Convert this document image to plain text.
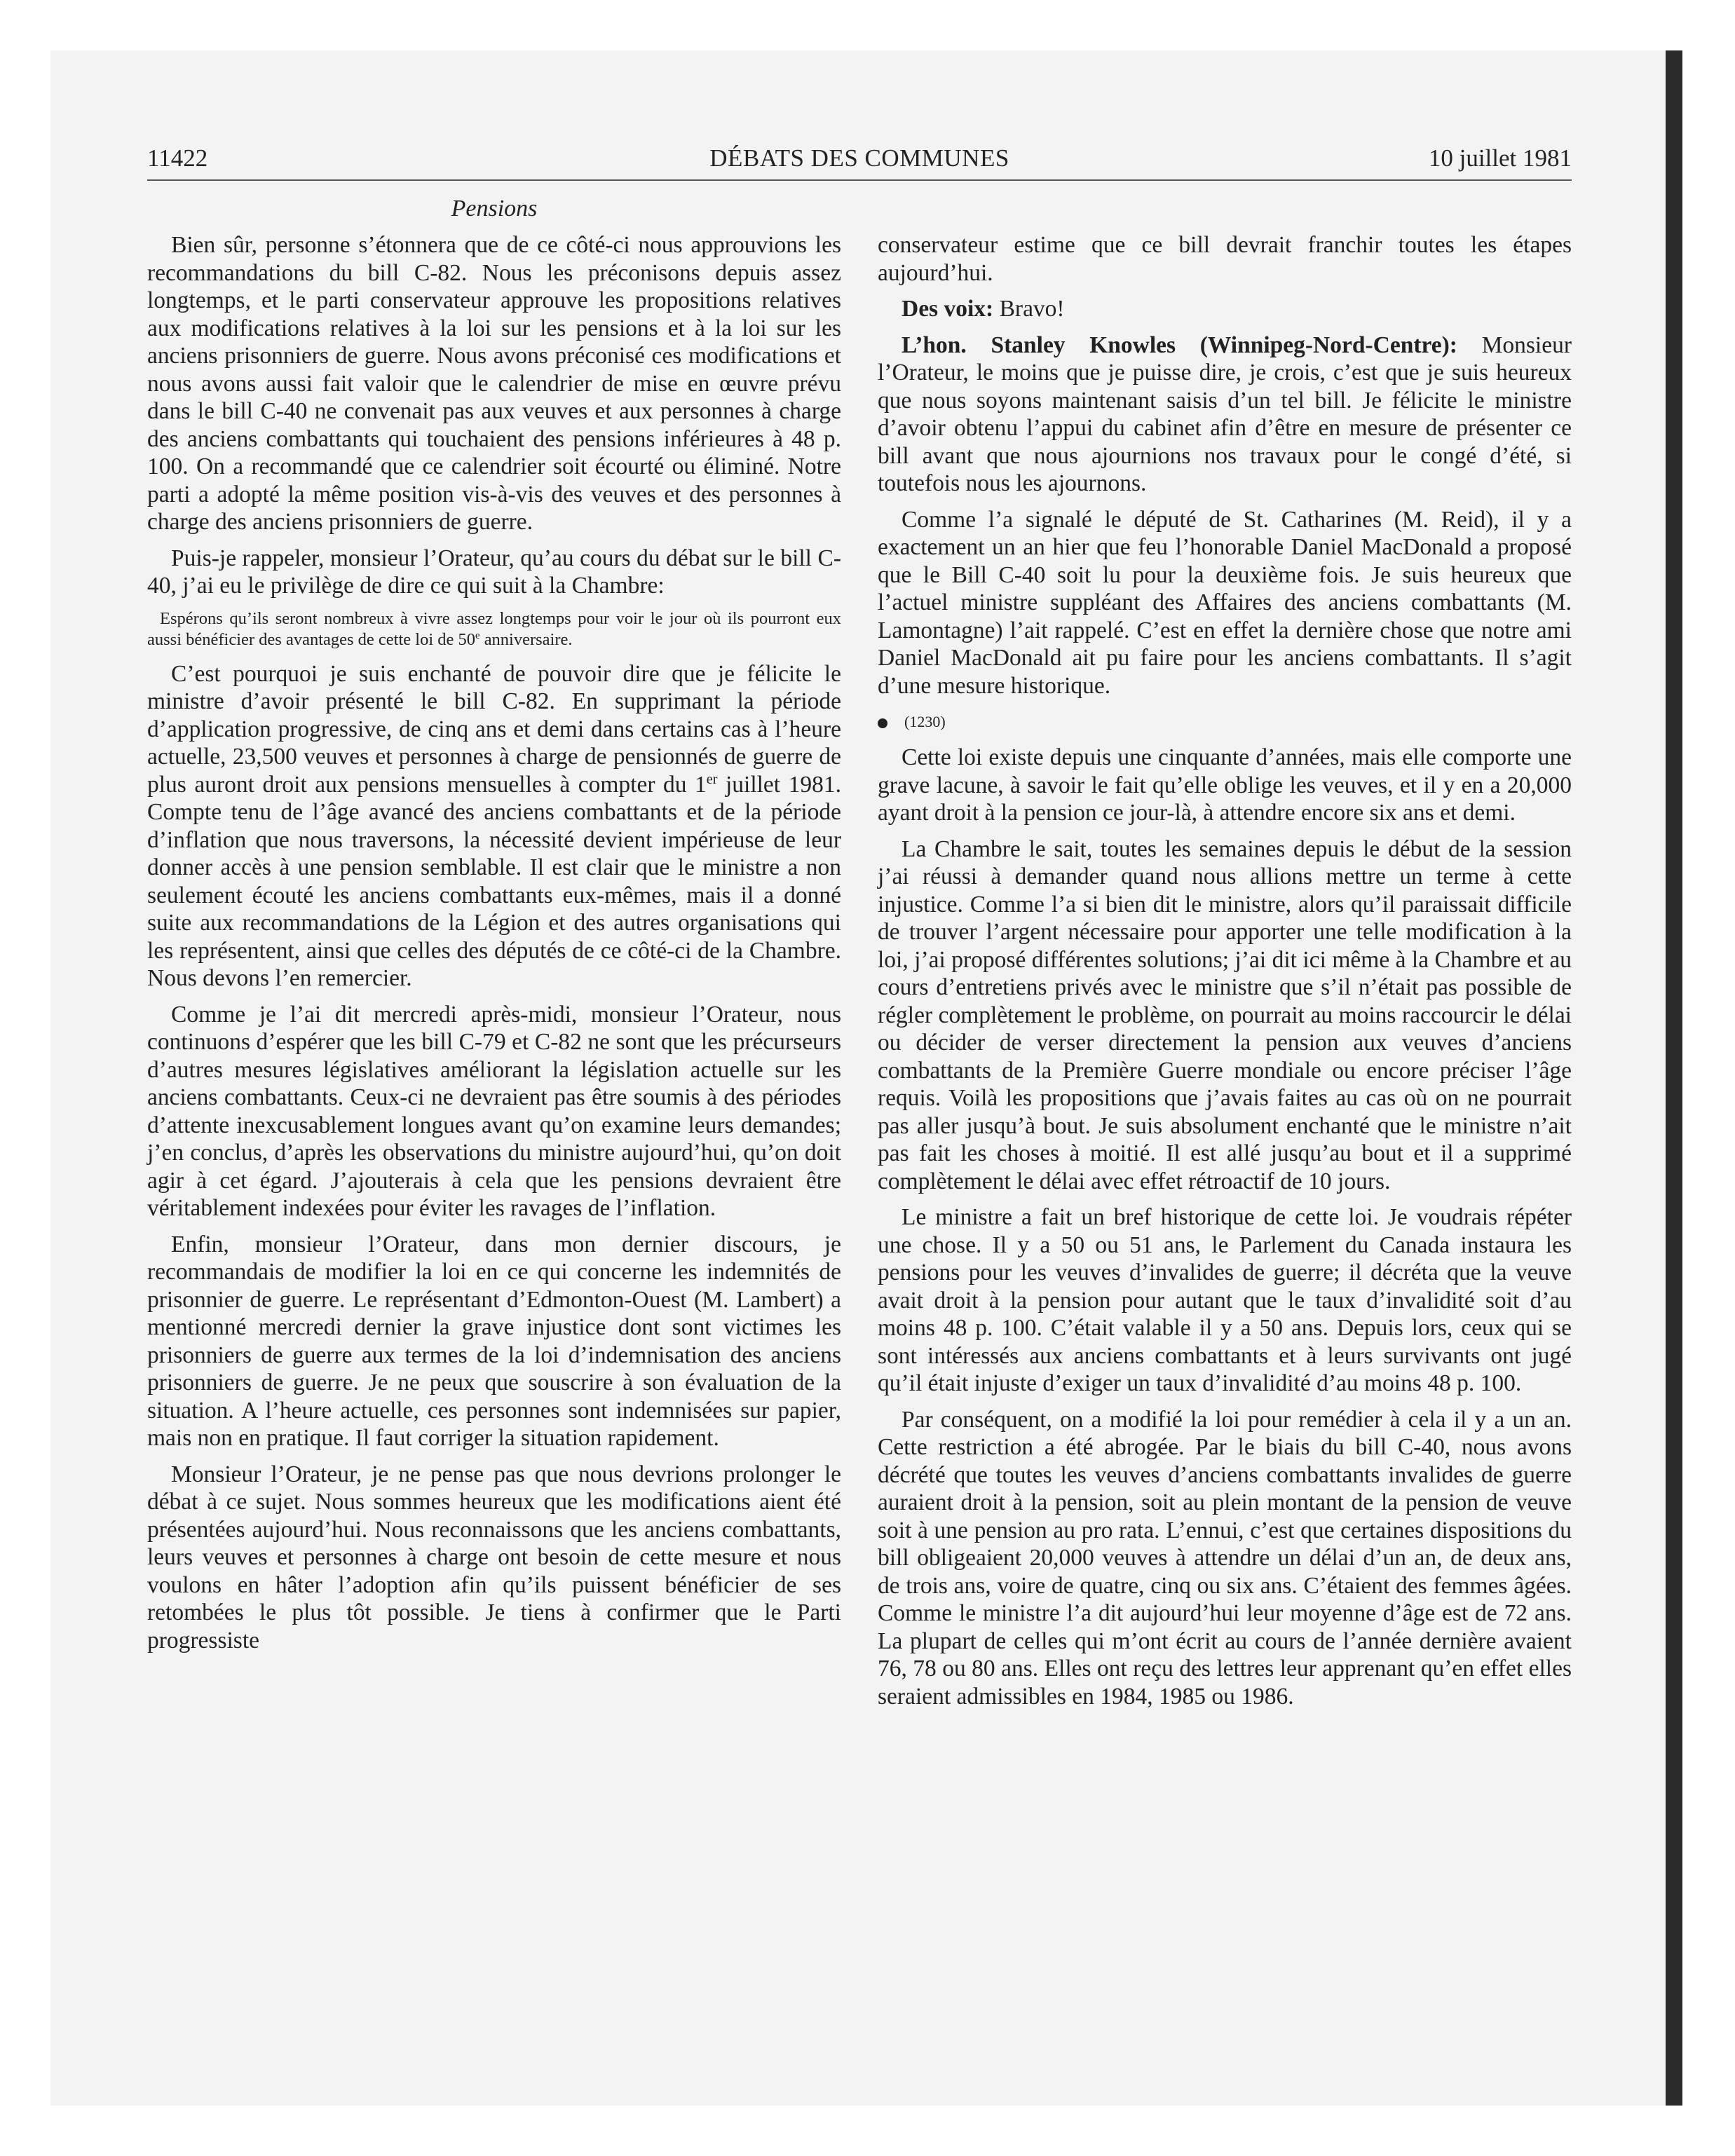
11422	DÉBATS DES COMMUNES	10 juillet 1981
Pensions

Bien sûr, personne s’étonnera que de ce côté-ci nous approuvions les recommandations du bill C-82. Nous les préconisons depuis assez longtemps, et le parti conservateur approuve les propositions relatives aux modifications relatives à la loi sur les pensions et à la loi sur les anciens prisonniers de guerre. Nous avons préconisé ces modifications et nous avons aussi fait valoir que le calendrier de mise en œuvre prévu dans le bill C-40 ne convenait pas aux veuves et aux personnes à charge des anciens combattants qui touchaient des pensions inférieures à 48 p. 100. On a recommandé que ce calendrier soit écourté ou éliminé. Notre parti a adopté la même position vis-à-vis des veuves et des personnes à charge des anciens prisonniers de guerre.

Puis-je rappeler, monsieur l’Orateur, qu’au cours du débat sur le bill C-40, j’ai eu le privilège de dire ce qui suit à la Chambre:

Espérons qu’ils seront nombreux à vivre assez longtemps pour voir le jour où ils pourront eux aussi bénéficier des avantages de cette loi de 50e anniversaire.

C’est pourquoi je suis enchanté de pouvoir dire que je félicite le ministre d’avoir présenté le bill C-82. En supprimant la période d’application progressive, de cinq ans et demi dans certains cas à l’heure actuelle, 23,500 veuves et personnes à charge de pensionnés de guerre de plus auront droit aux pensions mensuelles à compter du 1er juillet 1981. Compte tenu de l’âge avancé des anciens combattants et de la période d’inflation que nous traversons, la nécessité devient impérieuse de leur donner accès à une pension semblable. Il est clair que le ministre a non seulement écouté les anciens combattants eux-mêmes, mais il a donné suite aux recommandations de la Légion et des autres organisations qui les représentent, ainsi que celles des députés de ce côté-ci de la Chambre. Nous devons l’en remercier.

Comme je l’ai dit mercredi après-midi, monsieur l’Orateur, nous continuons d’espérer que les bill C-79 et C-82 ne sont que les précurseurs d’autres mesures législatives améliorant la législation actuelle sur les anciens combattants. Ceux-ci ne devraient pas être soumis à des périodes d’attente inexcusablement longues avant qu’on examine leurs demandes; j’en conclus, d’après les observations du ministre aujourd’hui, qu’on doit agir à cet égard. J’ajouterais à cela que les pensions devraient être véritablement indexées pour éviter les ravages de l’inflation.

Enfin, monsieur l’Orateur, dans mon dernier discours, je recommandais de modifier la loi en ce qui concerne les indemnités de prisonnier de guerre. Le représentant d’Edmonton-Ouest (M. Lambert) a mentionné mercredi dernier la grave injustice dont sont victimes les prisonniers de guerre aux termes de la loi d’indemnisation des anciens prisonniers de guerre. Je ne peux que souscrire à son évaluation de la situation. A l’heure actuelle, ces personnes sont indemnisées sur papier, mais non en pratique. Il faut corriger la situation rapidement.

Monsieur l’Orateur, je ne pense pas que nous devrions prolonger le débat à ce sujet. Nous sommes heureux que les modifications aient été présentées aujourd’hui. Nous reconnaissons que les anciens combattants, leurs veuves et personnes à charge ont besoin de cette mesure et nous voulons en hâter l’adoption afin qu’ils puissent bénéficier de ses retombées le plus tôt possible. Je tiens à confirmer que le Parti progressiste

conservateur estime que ce bill devrait franchir toutes les étapes aujourd’hui.

Des voix: Bravo!

L’hon. Stanley Knowles (Winnipeg-Nord-Centre): Monsieur l’Orateur, le moins que je puisse dire, je crois, c’est que je suis heureux que nous soyons maintenant saisis d’un tel bill. Je félicite le ministre d’avoir obtenu l’appui du cabinet afin d’être en mesure de présenter ce bill avant que nous ajournions nos travaux pour le congé d’été, si toutefois nous les ajournons.

Comme l’a signalé le député de St. Catharines (M. Reid), il y a exactement un an hier que feu l’honorable Daniel MacDonald a proposé que le Bill C-40 soit lu pour la deuxième fois. Je suis heureux que l’actuel ministre suppléant des Affaires des anciens combattants (M. Lamontagne) l’ait rappelé. C’est en effet la dernière chose que notre ami Daniel MacDonald ait pu faire pour les anciens combattants. Il s’agit d’une mesure historique.

(1230)

Cette loi existe depuis une cinquante d’années, mais elle comporte une grave lacune, à savoir le fait qu’elle oblige les veuves, et il y en a 20,000 ayant droit à la pension ce jour-là, à attendre encore six ans et demi.

La Chambre le sait, toutes les semaines depuis le début de la session j’ai réussi à demander quand nous allions mettre un terme à cette injustice. Comme l’a si bien dit le ministre, alors qu’il paraissait difficile de trouver l’argent nécessaire pour apporter une telle modification à la loi, j’ai proposé différentes solutions; j’ai dit ici même à la Chambre et au cours d’entretiens privés avec le ministre que s’il n’était pas possible de régler complètement le problème, on pourrait au moins raccourcir le délai ou décider de verser directement la pension aux veuves d’anciens combattants de la Première Guerre mondiale ou encore préciser l’âge requis. Voilà les propositions que j’avais faites au cas où on ne pourrait pas aller jusqu’à bout. Je suis absolument enchanté que le ministre n’ait pas fait les choses à moitié. Il est allé jusqu’au bout et il a supprimé complètement le délai avec effet rétroactif de 10 jours.

Le ministre a fait un bref historique de cette loi. Je voudrais répéter une chose. Il y a 50 ou 51 ans, le Parlement du Canada instaura les pensions pour les veuves d’invalides de guerre; il décréta que la veuve avait droit à la pension pour autant que le taux d’invalidité soit d’au moins 48 p. 100. C’était valable il y a 50 ans. Depuis lors, ceux qui se sont intéressés aux anciens combattants et à leurs survivants ont jugé qu’il était injuste d’exiger un taux d’invalidité d’au moins 48 p. 100.

Par conséquent, on a modifié la loi pour remédier à cela il y a un an. Cette restriction a été abrogée. Par le biais du bill C-40, nous avons décrété que toutes les veuves d’anciens combattants invalides de guerre auraient droit à la pension, soit au plein montant de la pension de veuve soit à une pension au pro rata. L’ennui, c’est que certaines dispositions du bill obligeaient 20,000 veuves à attendre un délai d’un an, de deux ans, de trois ans, voire de quatre, cinq ou six ans. C’étaient des femmes âgées. Comme le ministre l’a dit aujourd’hui leur moyenne d’âge est de 72 ans. La plupart de celles qui m’ont écrit au cours de l’année dernière avaient 76, 78 ou 80 ans. Elles ont reçu des lettres leur apprenant qu’en effet elles seraient admissibles en 1984, 1985 ou 1986.
